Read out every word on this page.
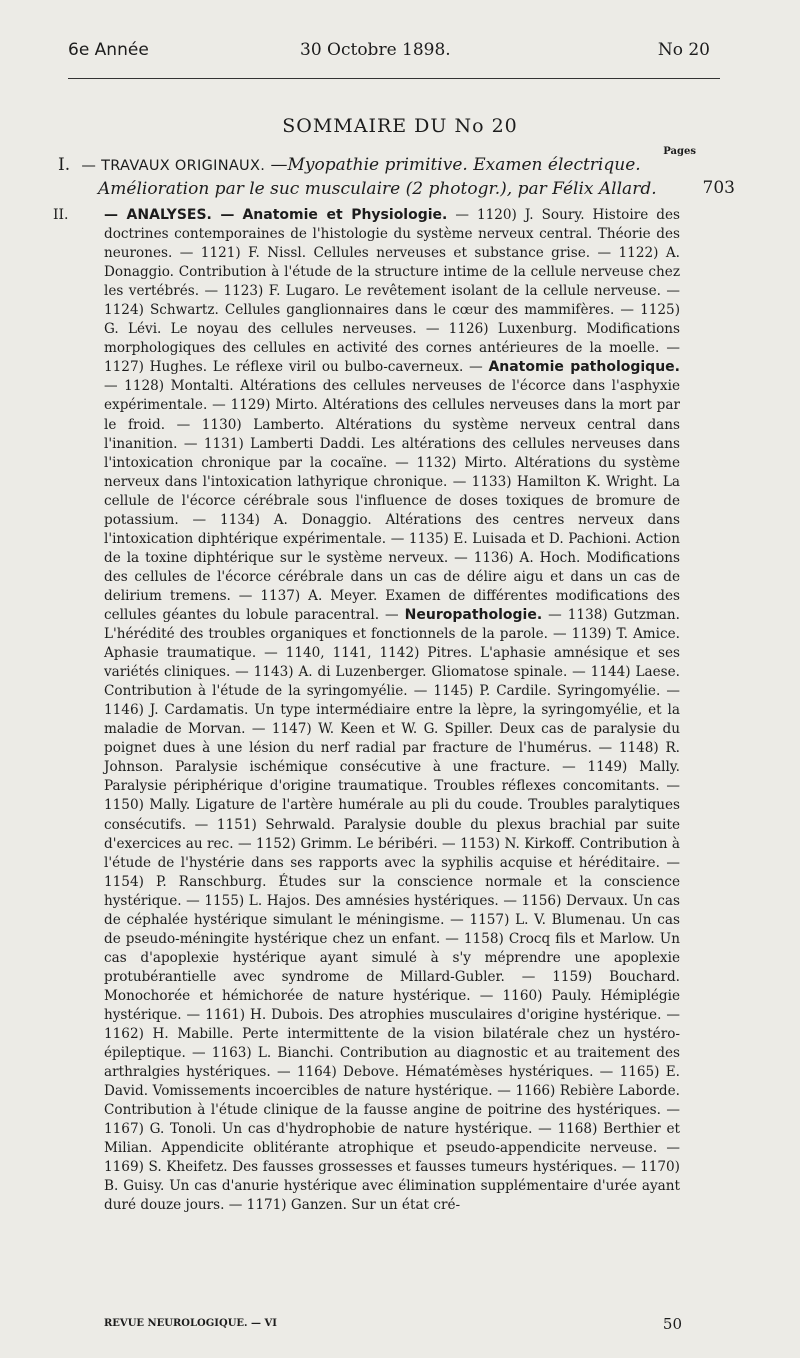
6e Année	30 Octobre 1898.	No 20
SOMMAIRE DU No 20
Pages
I. — TRAVAUX ORIGINAUX. —Myopathie primitive. Examen électrique.
Amélioration par le suc musculaire (2 photogr.), par Félix Allard.	703
II.	— ANALYSES. — Anatomie et Physiologie. — 1120) J. Soury. Histoire des doctrines contemporaines de l'histologie du système nerveux central. Théorie des neurones. — 1121) F. Nissl. Cellules nerveuses et substance grise. — 1122) A. Donaggio. Contribution à l'étude de la structure intime de la cellule nerveuse chez les vertébrés. — 1123) F. Lugaro. Le revêtement isolant de la cellule nerveuse. — 1124) Schwartz. Cellules ganglionnaires dans le cœur des mammifères. — 1125) G. Lévi. Le noyau des cellules nerveuses. — 1126) Luxenburg. Modifications morphologiques des cellules en activité des cornes antérieures de la moelle. — 1127) Hughes. Le réflexe viril ou bulbo-caverneux. — Anatomie pathologique. — 1128) Montalti. Altérations des cellules nerveuses de l'écorce dans l'asphyxie expérimentale. — 1129) Mirto. Altérations des cellules nerveuses dans la mort par le froid. — 1130) Lamberto. Altérations du système nerveux central dans l'inanition. — 1131) Lamberti Daddi. Les altérations des cellules nerveuses dans l'intoxication chronique par la cocaïne. — 1132) Mirto. Altérations du système nerveux dans l'intoxication lathyrique chronique. — 1133) Hamilton K. Wright. La cellule de l'écorce cérébrale sous l'influence de doses toxiques de bromure de potassium. — 1134) A. Donaggio. Altérations des centres nerveux dans l'intoxication diphtérique expérimentale. — 1135) E. Luisada et D. Pachioni. Action de la toxine diphtérique sur le système nerveux. — 1136) A. Hoch. Modifications des cellules de l'écorce cérébrale dans un cas de délire aigu et dans un cas de delirium tremens. — 1137) A. Meyer. Examen de différentes modifications des cellules géantes du lobule paracentral. — Neuropathologie. — 1138) Gutzman. L'hérédité des troubles organiques et fonctionnels de la parole. — 1139) T. Amice. Aphasie traumatique. — 1140, 1141, 1142) Pitres. L'aphasie amnésique et ses variétés cliniques. — 1143) A. di Luzenberger. Gliomatose spinale. — 1144) Laese. Contribution à l'étude de la syringomyélie. — 1145) P. Cardile. Syringomyélie. — 1146) J. Cardamatis. Un type intermédiaire entre la lèpre, la syringomyélie, et la maladie de Morvan. — 1147) W. Keen et W. G. Spiller. Deux cas de paralysie du poignet dues à une lésion du nerf radial par fracture de l'humérus. — 1148) R. Johnson. Paralysie ischémique consécutive à une fracture. — 1149) Mally. Paralysie périphérique d'origine traumatique. Troubles réflexes concomitants. — 1150) Mally. Ligature de l'artère humérale au pli du coude. Troubles paralytiques consécutifs. — 1151) Sehrwald. Paralysie double du plexus brachial par suite d'exercices au rec. — 1152) Grimm. Le béribéri. — 1153) N. Kirkoff. Contribution à l'étude de l'hystérie dans ses rapports avec la syphilis acquise et héréditaire. — 1154) P. Ranschburg. Études sur la conscience normale et la conscience hystérique. — 1155) L. Hajos. Des amnésies hystériques. — 1156) Dervaux. Un cas de céphalée hystérique simulant le méningisme. — 1157) L. V. Blumenau. Un cas de pseudo-méningite hystérique chez un enfant. — 1158) Crocq fils et Marlow. Un cas d'apoplexie hystérique ayant simulé à s'y méprendre une apoplexie protubérantielle avec syndrome de Millard-Gubler. — 1159) Bouchard. Monochorée et hémichorée de nature hystérique. — 1160) Pauly. Hémiplégie hystérique. — 1161) H. Dubois. Des atrophies musculaires d'origine hystérique. — 1162) H. Mabille. Perte intermittente de la vision bilatérale chez un hystéro-épileptique. — 1163) L. Bianchi. Contribution au diagnostic et au traitement des arthralgies hystériques. — 1164) Debove. Hématémèses hystériques. — 1165) E. David. Vomissements incoercibles de nature hystérique. — 1166) Rebière Laborde. Contribution à l'étude clinique de la fausse angine de poitrine des hystériques. — 1167) G. Tonoli. Un cas d'hydrophobie de nature hystérique. — 1168) Berthier et Milian. Appendicite oblitérante atrophique et pseudo-appendicite nerveuse. — 1169) S. Kheifetz. Des fausses grossesses et fausses tumeurs hystériques. — 1170) B. Guisy. Un cas d'anurie hystérique avec élimination supplémentaire d'urée ayant duré douze jours. — 1171) Ganzen. Sur un état cré-

REVUE NEUROLOGIQUE. — VI	50
